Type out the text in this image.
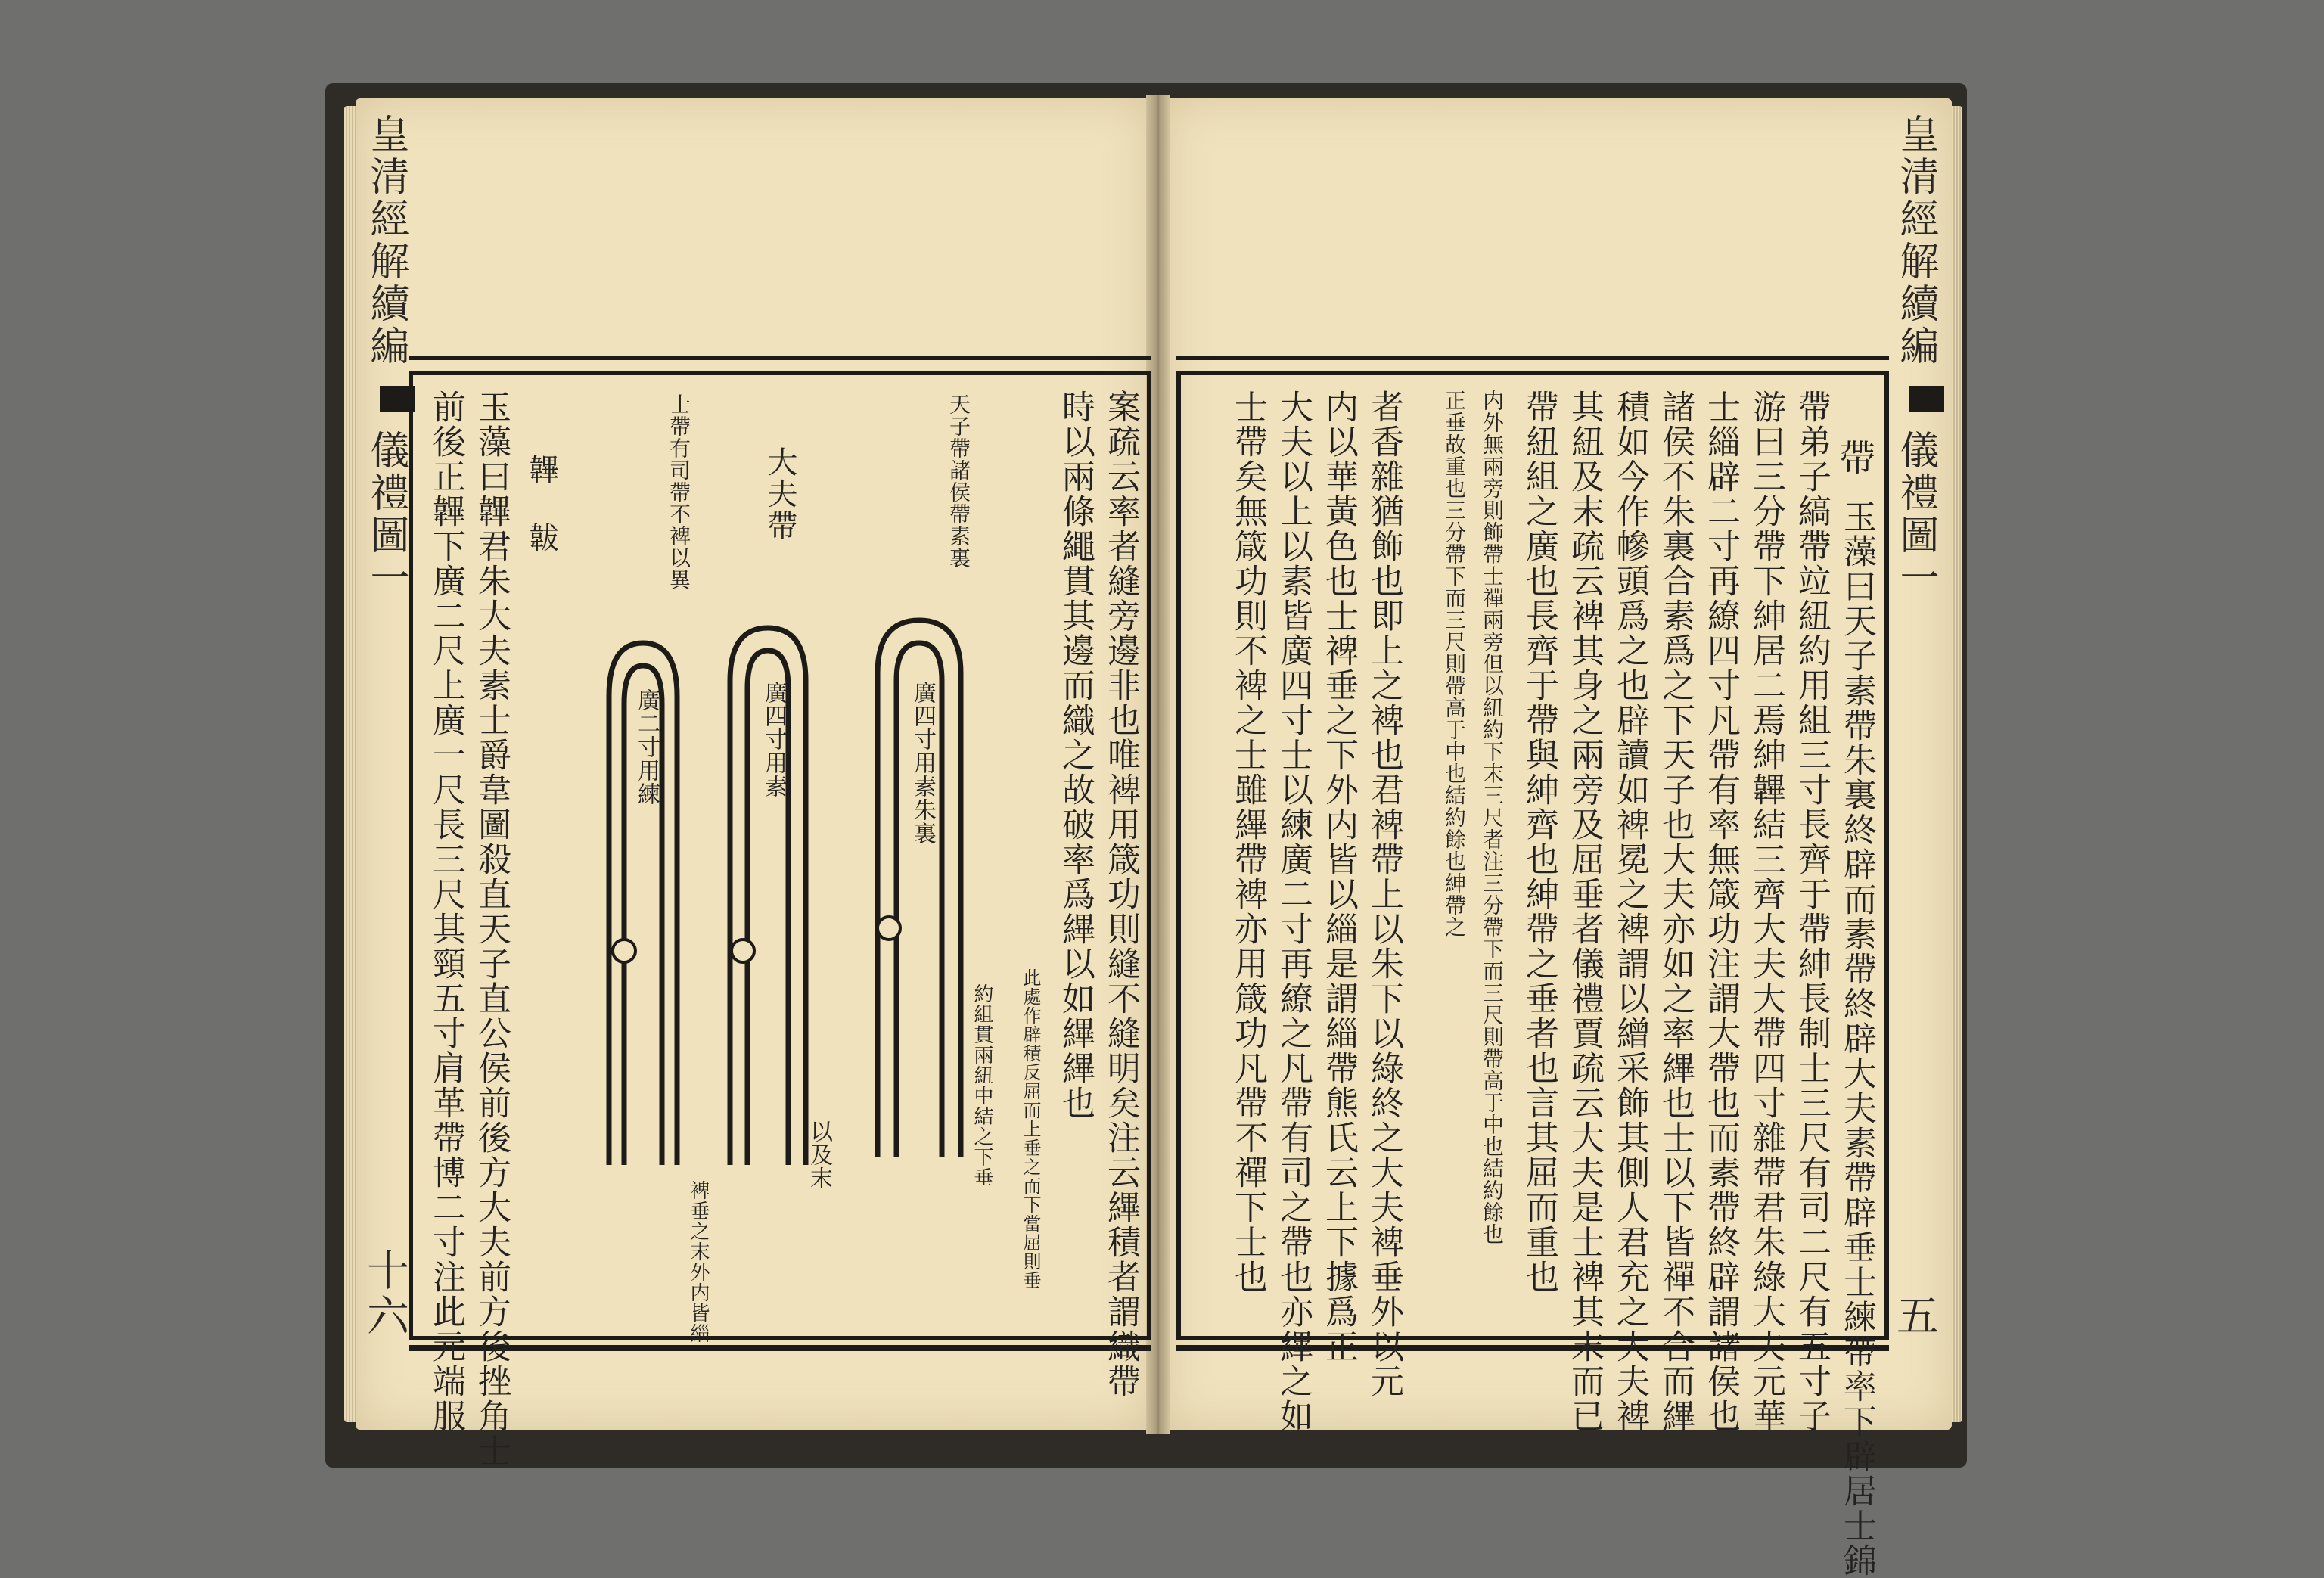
皇清經解續編
儀禮圖一
十六	案疏云率者縫旁邊非也唯裨用箴功則縫不縫明矣注云縪積者謂織帶
時以兩條繩貫其邊而織之故破率爲縪以如縪縪也
玉藻曰韠君朱大夫素士爵韋圖殺直天子直公侯前後方大夫前方後挫角士
前後正韠下廣二尺上廣一尺長三尺其頸五寸肩革帶博二寸注此元端服 韠 韍	天子帶諸侯帶素裏
廣四寸用素朱裏
約組貫兩紐中結之下垂 此處作辟積反屈而上垂之而下當屈則垂
大夫帶
廣四寸用素
以及末
士帶有司帶不裨以異
廣二寸用練
裨垂之末外内皆緇
皇清經解續編
儀禮圖一
五
帶
玉藻曰天子素帶朱裏終辟而素帶終辟大夫素帶辟垂士練帶率下辟居士錦
帶弟子縞帶竝紐約用組三寸長齊于帶紳長制士三尺有司二尺有五寸子
游曰三分帶下紳居二焉紳韠結三齊大夫大帶四寸雜帶君朱綠大夫元華
士緇辟二寸再繚四寸凡帶有率無箴功注謂大帶也而素帶終辟謂諸侯也
諸侯不朱裏合素爲之下天子也大夫亦如之率縪也士以下皆禪不合而縪
積如今作幓頭爲之也辟讀如裨冕之裨謂以繒采飾其側人君充之大夫裨
其紐及末疏云裨其身之兩旁及屈垂者儀禮賈疏云大夫是士裨其末而已
帶紐組之廣也長齊于帶與紳齊也紳帶之垂者也言其屈而重也
内外無兩旁則飾帶士禪兩旁但以紐約下末三尺者注三分帶下而三尺則帶高于中也結約餘也
正垂故重也三分帶下而三尺則帶高于中也結約餘也紳帶之
者香雜猶飾也即上之裨也君裨帶上以朱下以綠終之大夫裨垂外以元
内以華黃色也士裨垂之下外内皆以緇是謂緇帶熊氏云上下據爲正
大夫以上以素皆廣四寸士以練廣二寸再繚之凡帶有司之帶也亦縪之如
士帶矣無箴功則不裨之士雖縪帶裨亦用箴功凡帶不禪下士也
